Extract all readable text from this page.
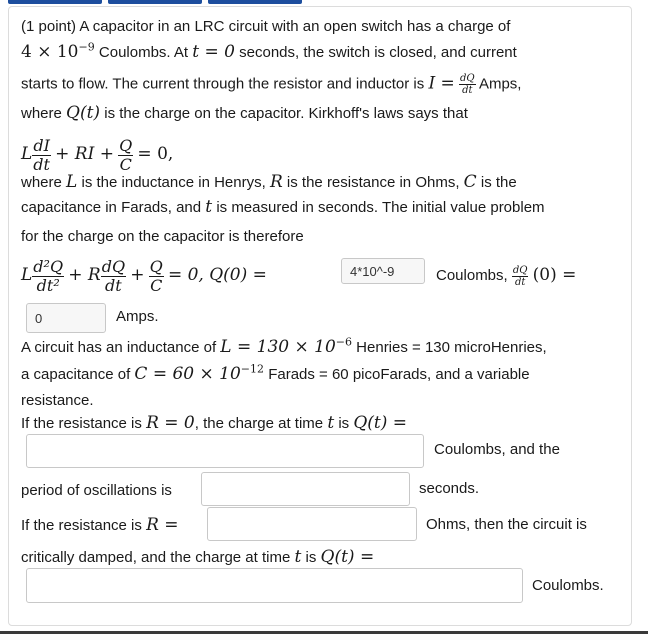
(1 point) A capacitor in an LRC circuit with an open switch has a charge of
$4 \times 10^{-9}$ Coulombs. At t = 0 seconds, the switch is closed, and current
starts to flow. The current through the resistor and inductor is $I = \frac{dQ}{dt}$ Amps,
where Q(t) is the charge on the capacitor. Kirkhoff's laws says that
L $\frac{dI}{dt}$ + RI + $\frac{Q}{C} = 0$,
where L is the inductance in Henrys, R is the resistance in Ohms, C is the
capacitance in Farads, and t is measured in seconds. The initial value problem
for the charge on the capacitor is therefore
L $\frac{\text{d²Q}}{\text{dt²}} + R \frac{dQ}{dt} + \frac{Q}{C} = 0$, Q(0) =	4*10^-9	Coulombs, $\frac{dQ}{dt} (0)$ =
0	Amps.
A circuit has an inductance of $L = 130 \times 10^{-6}$ Henries = 130 microHenries,
a capacitance of $C = 60 \times 10^{-12}$ Farads = 60 picoFarads, and a variable
resistance.
If the resistance is R = 0, the charge at time t is Q(t) =
Coulombs, and the
period of oscillations is	seconds.
If the resistance is R =	Ohms, then the circuit is
critically damped, and the charge at time t is Q(t) =
Coulombs.
